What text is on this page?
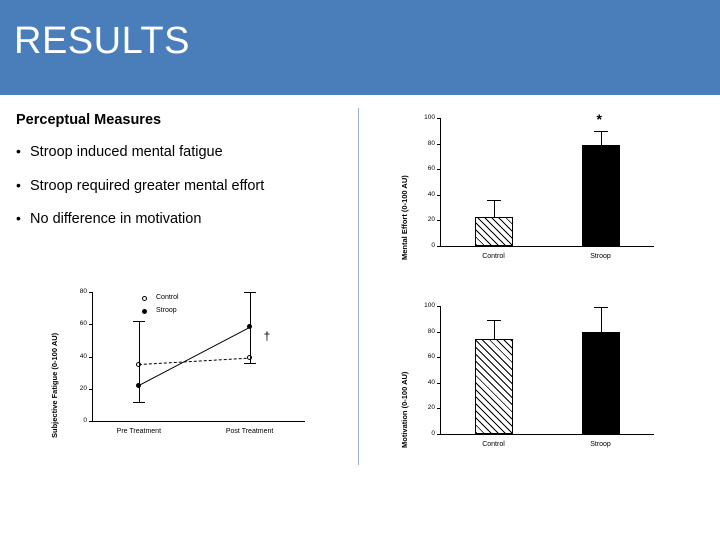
RESULTS
Perceptual Measures
• Stroop induced mental fatigue
• Stroop required greater mental effort
• No difference in motivation
Subjective Fatigue (0-100 AU)	0
20
40
60
80
Pre Treatment	Post Treatment
Control
Stroop
†
Mental Effort (0-100 AU)	0
20
40
60
80
100
Control	Stroop
*
Motivation (0-100 AU)	0
20
40
60
80
100
Control	Stroop
